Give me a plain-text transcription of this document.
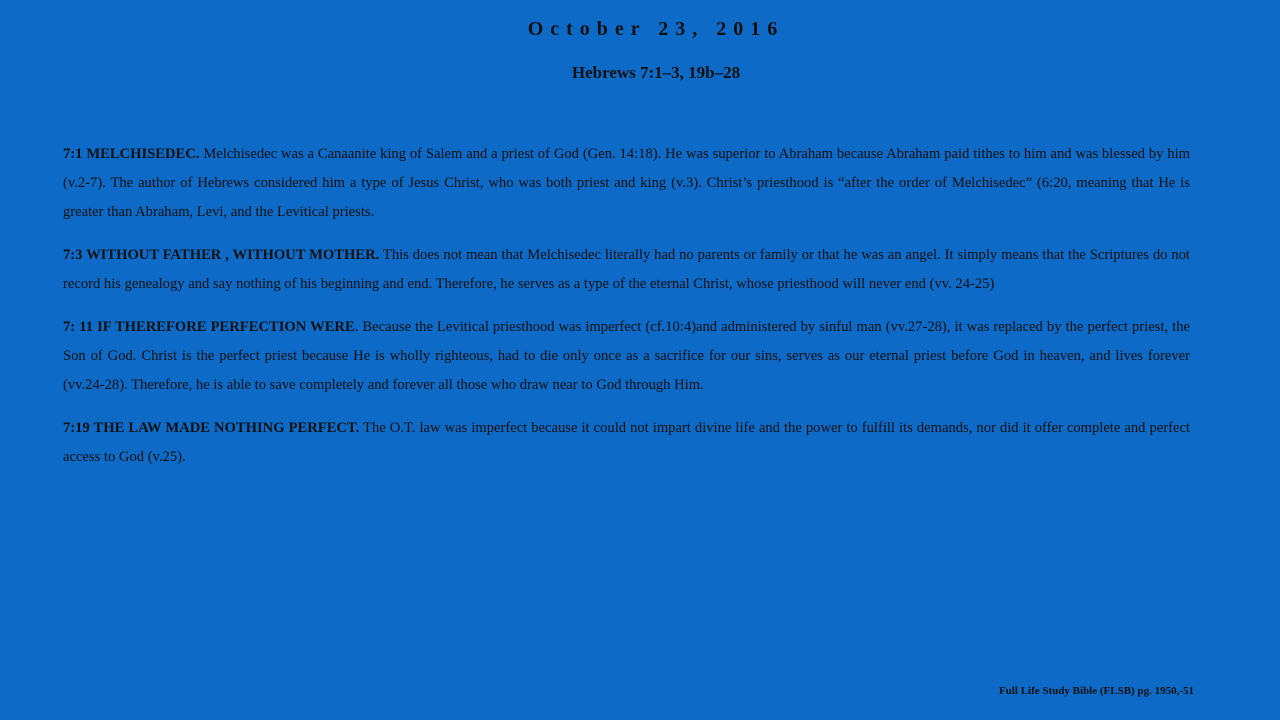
October 23, 2016
Hebrews 7:1–3, 19b–28

7:1 MELCHISEDEC. Melchisedec was a Canaanite king of Salem and a priest of God (Gen. 14:18). He was superior to Abraham because Abraham paid tithes to him and was blessed by him (v.2-7). The author of Hebrews considered him a type of Jesus Christ, who was both priest and king (v.3). Christ’s priesthood is “after the order of Melchisedec” (6:20, meaning that He is greater than Abraham, Levi, and the Levitical priests.

7:3 WITHOUT FATHER , WITHOUT MOTHER. This does not mean that Melchisedec literally had no parents or family or that he was an angel. It simply means that the Scriptures do not record his genealogy and say nothing of his beginning and end. Therefore, he serves as a type of the eternal Christ, whose priesthood will never end (vv. 24-25)

7: 11 IF THEREFORE PERFECTION WERE. Because the Levitical priesthood was imperfect (cf.10:4)and administered by sinful man (vv.27-28), it was replaced by the perfect priest, the Son of God. Christ is the perfect priest because He is wholly righteous, had to die only once as a sacrifice for our sins, serves as our eternal priest before God in heaven, and lives forever (vv.24-28). Therefore, he is able to save completely and forever all those who draw near to God through Him.

7:19 THE LAW MADE NOTHING PERFECT. The O.T. law was imperfect because it could not impart divine life and the power to fulfill its demands, nor did it offer complete and perfect access to God (v.25).

Full Life Study Bible (FLSB) pg. 1950,-51
